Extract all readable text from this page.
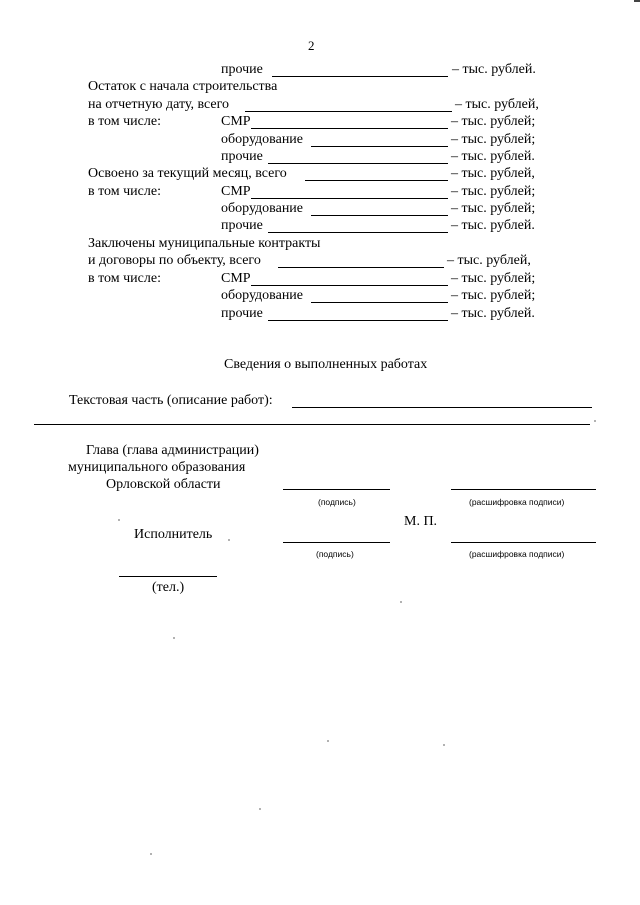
2
прочие	– тыс. рублей.
Остаток с начала строительства
на отчетную дату, всего	– тыс. рублей,
в том числе:	СМР	– тыс. рублей;
оборудование	– тыс. рублей;
прочие	– тыс. рублей.
Освоено за текущий месяц, всего	– тыс. рублей,
в том числе:	СМР	– тыс. рублей;
оборудование	– тыс. рублей;
прочие	– тыс. рублей.
Заключены муниципальные контракты
и договоры по объекту, всего	– тыс. рублей,
в том числе:	СМР	– тыс. рублей;
оборудование	– тыс. рублей;
прочие	– тыс. рублей.
Сведения о выполненных работах
Текстовая часть (описание работ):
Глава (глава администрации)
муниципального образования
Орловской области
(подпись)	(расшифровка подписи)
М. П.
Исполнитель
(подпись)	(расшифровка подписи)
(тел.)
